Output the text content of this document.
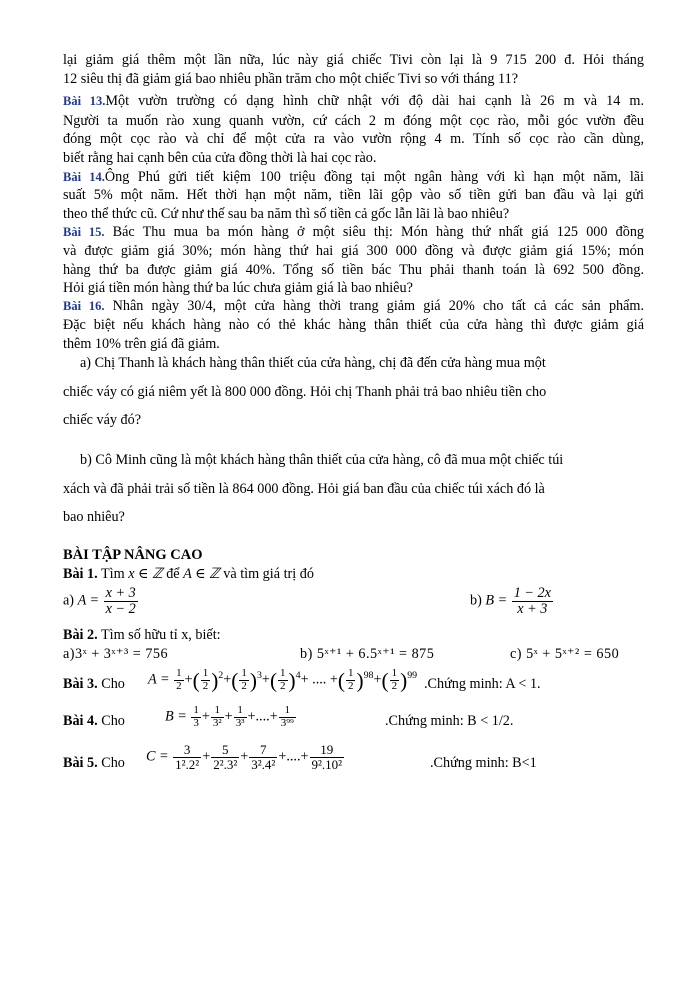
lại giảm giá thêm một lần nữa, lúc này giá chiếc Tivi còn lại là 9 715 200 đ. Hỏi tháng
12 siêu thị đã giảm giá bao nhiêu phần trăm cho một chiếc Tivi so với tháng 11?
Bài 13.Một vườn trường có dạng hình chữ nhật với độ dài hai cạnh là 26 m và 14 m.
Người ta muốn rào xung quanh vườn, cứ cách 2 m đóng một cọc rào, mỗi góc vườn đều
đóng một cọc rào và chỉ để một cửa ra vào vườn rộng 4 m. Tính số cọc rào cần dùng,
biết rằng hai cạnh bên của cửa đồng thời là hai cọc rào.
Bài 14.Ông Phú gửi tiết kiệm 100 triệu đồng tại một ngân hàng với kì hạn một năm, lãi
suất 5% một năm. Hết thời hạn một năm, tiền lãi gộp vào số tiền gửi ban đầu và lại gửi
theo thể thức cũ. Cứ như thế sau ba năm thì số tiền cả gốc lẫn lãi là bao nhiêu?
Bài 15. Bác Thu mua ba món hàng ở một siêu thị: Món hàng thứ nhất giá 125 000 đồng
và được giảm giá 30%; món hàng thứ hai giá 300 000 đồng và được giảm giá 15%; món
hàng thứ ba được giảm giá 40%. Tổng số tiền bác Thu phải thanh toán là 692 500 đồng.
Hỏi giá tiền món hàng thứ ba lúc chưa giảm giá là bao nhiêu?
Bài 16. Nhân ngày 30/4, một cửa hàng thời trang giảm giá 20% cho tất cả các sản phẩm.
Đặc biệt nếu khách hàng nào có thẻ khác hàng thân thiết của cửa hàng thì được giảm giá
thêm 10% trên giá đã giảm.
a) Chị Thanh là khách hàng thân thiết của cửa hàng, chị đã đến cửa hàng mua một
chiếc váy có giá niêm yết là 800 000 đồng. Hỏi chị Thanh phải trả bao nhiêu tiền cho
chiếc váy đó?
b) Cô Minh cũng là một khách hàng thân thiết của cửa hàng, cô đã mua một chiếc túi
xách và đã phải trải số tiền là 864 000 đồng. Hỏi giá ban đầu của chiếc túi xách đó là
bao nhiêu?
BÀI TẬP NÂNG CAO
Bài 1. Tìm x ∈ ℤ để A ∈ ℤ và tìm giá trị đó
a) $A = \frac{x + 3}{x - 2}$	b) $B = \frac{1 - 2x}{x + 3}$
Bài 2. Tìm số hữu tỉ x, biết:
a)3ˣ + 3ˣ⁺³ = 756	b) 5ˣ⁺¹ + 6.5ˣ⁺¹ = 875	c) 5ˣ + 5ˣ⁺² = 650
Bài 3. Cho $A = \frac{1}{2}$ +( $\frac{1}{2} )^2+( \frac{1}{2} )^3+( \frac{1}{2} )^4+$ .... +( $\frac{1}{2} )^{98}+( \frac{1}{2} )^{99}$
.Chứng minh: A < 1.
Bài 4. Cho	$B = \frac{1}{3} + \frac{1}{\text{3²}} + \frac{1}{\text{3³}}$ +....+ $\frac{1}{\text{3⁹⁹}}$	.Chứng minh: B < 1/2.
Bài 5. Cho $C = \frac{3}{\text{1².2²}} + \frac{5}{\text{2².3²}} + \frac{7}{\text{3².4²}}$ +....+ $\frac{19}{\text{9².10²}}$	.Chứng minh: B<1
